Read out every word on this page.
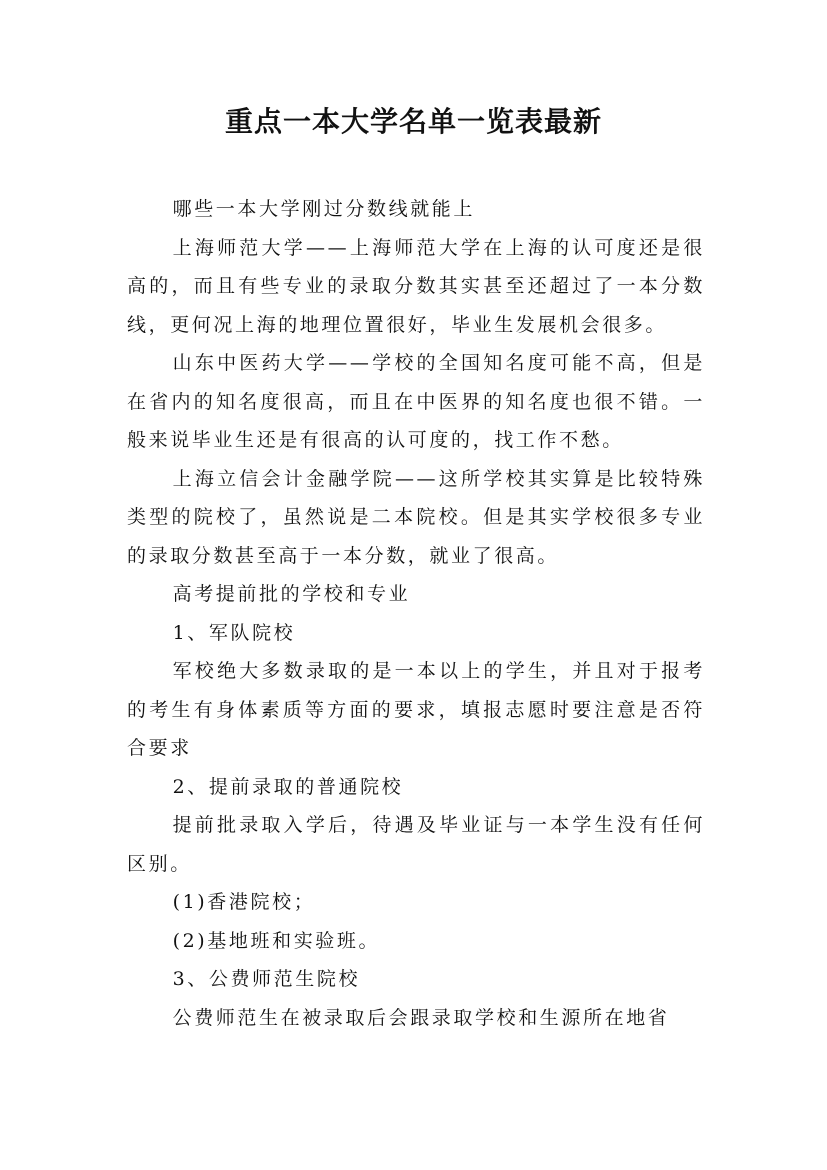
重点一本大学名单一览表最新

哪些一本大学刚过分数线就能上

上海师范大学——上海师范大学在上海的认可度还是很高的，而且有些专业的录取分数其实甚至还超过了一本分数线，更何况上海的地理位置很好，毕业生发展机会很多。

山东中医药大学——学校的全国知名度可能不高，但是在省内的知名度很高，而且在中医界的知名度也很不错。一般来说毕业生还是有很高的认可度的，找工作不愁。

上海立信会计金融学院——这所学校其实算是比较特殊类型的院校了，虽然说是二本院校。但是其实学校很多专业的录取分数甚至高于一本分数，就业了很高。

高考提前批的学校和专业

1、军队院校

军校绝大多数录取的是一本以上的学生，并且对于报考的考生有身体素质等方面的要求，填报志愿时要注意是否符合要求

2、提前录取的普通院校

提前批录取入学后，待遇及毕业证与一本学生没有任何区别。

(1)香港院校；

(2)基地班和实验班。

3、公费师范生院校

公费师范生在被录取后会跟录取学校和生源所在地省
